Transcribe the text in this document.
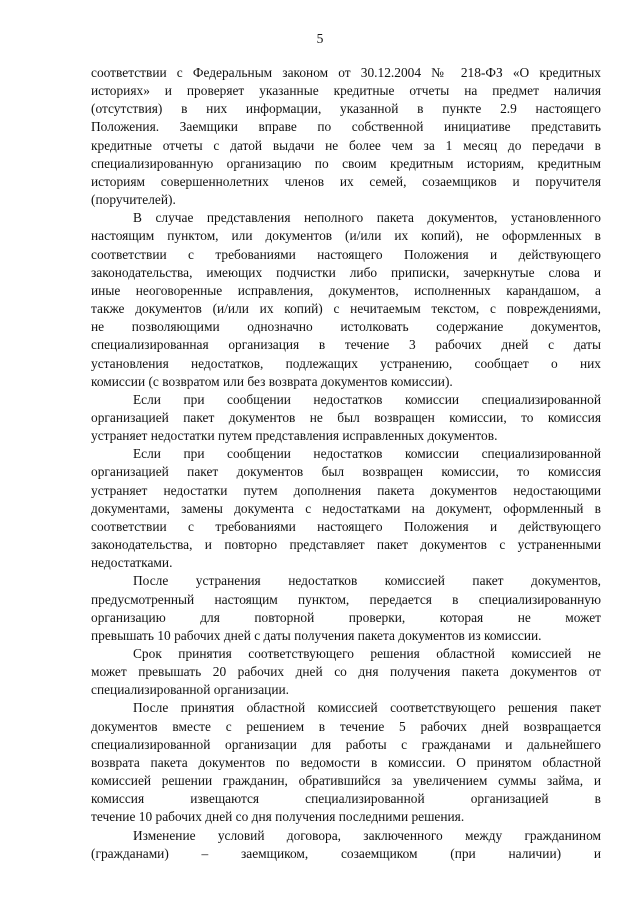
5
соответствии с Федеральным законом от 30.12.2004 № 218-ФЗ «О кредитных
историях» и проверяет указанные кредитные отчеты на предмет наличия
(отсутствия) в них информации, указанной в пункте 2.9 настоящего
Положения. Заемщики вправе по собственной инициативе представить
кредитные отчеты с датой выдачи не более чем за 1 месяц до передачи в
специализированную организацию по своим кредитным историям, кредитным
историям совершеннолетних членов их семей, созаемщиков и поручителя
(поручителей).
В случае представления неполного пакета документов, установленного
настоящим пунктом, или документов (и/или их копий), не оформленных в
соответствии с требованиями настоящего Положения и действующего
законодательства, имеющих подчистки либо приписки, зачеркнутые слова и
иные неоговоренные исправления, документов, исполненных карандашом, а
также документов (и/или их копий) с нечитаемым текстом, с повреждениями,
не позволяющими однозначно истолковать содержание документов,
специализированная организация в течение 3 рабочих дней с даты
установления недостатков, подлежащих устранению, сообщает о них
комиссии (с возвратом или без возврата документов комиссии).
Если при сообщении недостатков комиссии специализированной
организацией пакет документов не был возвращен комиссии, то комиссия
устраняет недостатки путем представления исправленных документов.
Если при сообщении недостатков комиссии специализированной
организацией пакет документов был возвращен комиссии, то комиссия
устраняет недостатки путем дополнения пакета документов недостающими
документами, замены документа с недостатками на документ, оформленный в
соответствии с требованиями настоящего Положения и действующего
законодательства, и повторно представляет пакет документов с устраненными
недостатками.
После устранения недостатков комиссией пакет документов,
предусмотренный настоящим пунктом, передается в специализированную
организацию для повторной проверки, которая не может
превышать 10 рабочих дней с даты получения пакета документов из комиссии.
Срок принятия соответствующего решения областной комиссией не
может превышать 20 рабочих дней со дня получения пакета документов от
специализированной организации.
После принятия областной комиссией соответствующего решения пакет
документов вместе с решением в течение 5 рабочих дней возвращается
специализированной организации для работы с гражданами и дальнейшего
возврата пакета документов по ведомости в комиссии. О принятом областной
комиссией решении гражданин, обратившийся за увеличением суммы займа, и
комиссия извещаются специализированной организацией в
течение 10 рабочих дней со дня получения последними решения.
Изменение условий договора, заключенного между гражданином
(гражданами) – заемщиком, созаемщиком (при наличии) и
